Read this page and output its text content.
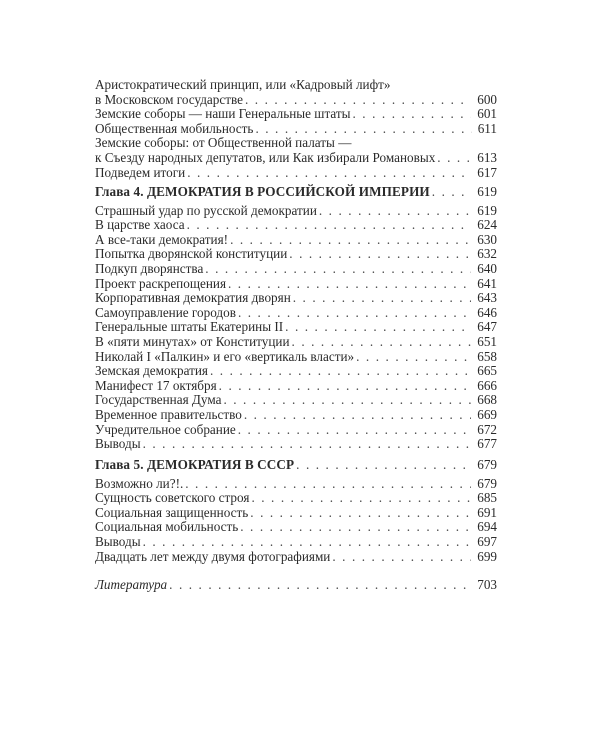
Аристократический принцип, или «Кадровый лифт»
в Московском государстве . . .	600
Земские соборы — наши Генеральные штаты . . .	601
Общественная мобильность . . .	611
Земские соборы: от Общественной палаты —
к Съезду народных депутатов, или Как избирали Романовых . . .	613
Подведем итоги . . .	617
Глава 4. ДЕМОКРАТИЯ В РОССИЙСКОЙ ИМПЕРИИ . . .	619
Страшный удар по русской демократии . . .	619
В царстве хаоса . . .	624
А все-таки демократия! . . .	630
Попытка дворянской конституции . . .	632
Подкуп дворянства . . .	640
Проект раскрепощения . . .	641
Корпоративная демократия дворян . . .	643
Самоуправление городов . . .	646
Генеральные штаты Екатерины II . . .	647
В «пяти минутах» от Конституции . . .	651
Николай I «Палкин» и его «вертикаль власти» . . .	658
Земская демократия . . .	665
Манифест 17 октября . . .	666
Государственная Дума . . .	668
Временное правительство . . .	669
Учредительное собрание . . .	672
Выводы . . .	677
Глава 5. ДЕМОКРАТИЯ В СССР . . .	679
Возможно ли?!. . . .	679
Сущность советского строя . . .	685
Социальная защищенность . . .	691
Социальная мобильность . . .	694
Выводы . . .	697
Двадцать лет между двумя фотографиями . . .	699
Литература . . .	703
